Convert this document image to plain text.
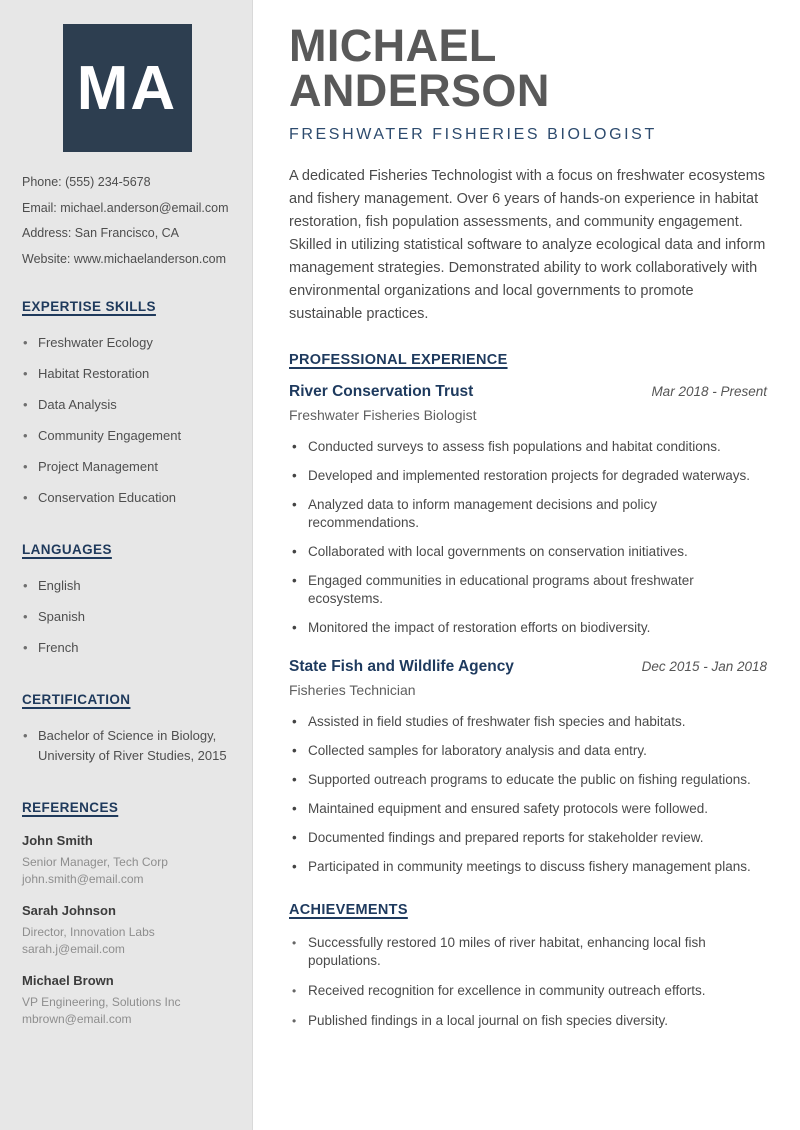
MA
Phone: (555) 234-5678
Email: michael.anderson@email.com
Address: San Francisco, CA
Website: www.michaelanderson.com
EXPERTISE SKILLS
• Freshwater Ecology
• Habitat Restoration
• Data Analysis
• Community Engagement
• Project Management
• Conservation Education
LANGUAGES
• English
• Spanish
• French
CERTIFICATION
• Bachelor of Science in Biology, University of River Studies, 2015
REFERENCES
John Smith
Senior Manager, Tech Corp
john.smith@email.com
Sarah Johnson
Director, Innovation Labs
sarah.j@email.com
Michael Brown
VP Engineering, Solutions Inc
mbrown@email.com
MICHAEL ANDERSON
FRESHWATER FISHERIES BIOLOGIST

A dedicated Fisheries Technologist with a focus on freshwater ecosystems and fishery management. Over 6 years of hands-on experience in habitat restoration, fish population assessments, and community engagement. Skilled in utilizing statistical software to analyze ecological data and inform management strategies. Demonstrated ability to work collaboratively with environmental organizations and local governments to promote sustainable practices.

PROFESSIONAL EXPERIENCE
River Conservation Trust	Mar 2018 - Present
Freshwater Fisheries Biologist
• Conducted surveys to assess fish populations and habitat conditions.
• Developed and implemented restoration projects for degraded waterways.
• Analyzed data to inform management decisions and policy recommendations.
• Collaborated with local governments on conservation initiatives.
• Engaged communities in educational programs about freshwater ecosystems.
• Monitored the impact of restoration efforts on biodiversity.
State Fish and Wildlife Agency	Dec 2015 - Jan 2018
Fisheries Technician
• Assisted in field studies of freshwater fish species and habitats.
• Collected samples for laboratory analysis and data entry.
• Supported outreach programs to educate the public on fishing regulations.
• Maintained equipment and ensured safety protocols were followed.
• Documented findings and prepared reports for stakeholder review.
• Participated in community meetings to discuss fishery management plans.
ACHIEVEMENTS
• Successfully restored 10 miles of river habitat, enhancing local fish populations.
• Received recognition for excellence in community outreach efforts.
• Published findings in a local journal on fish species diversity.
